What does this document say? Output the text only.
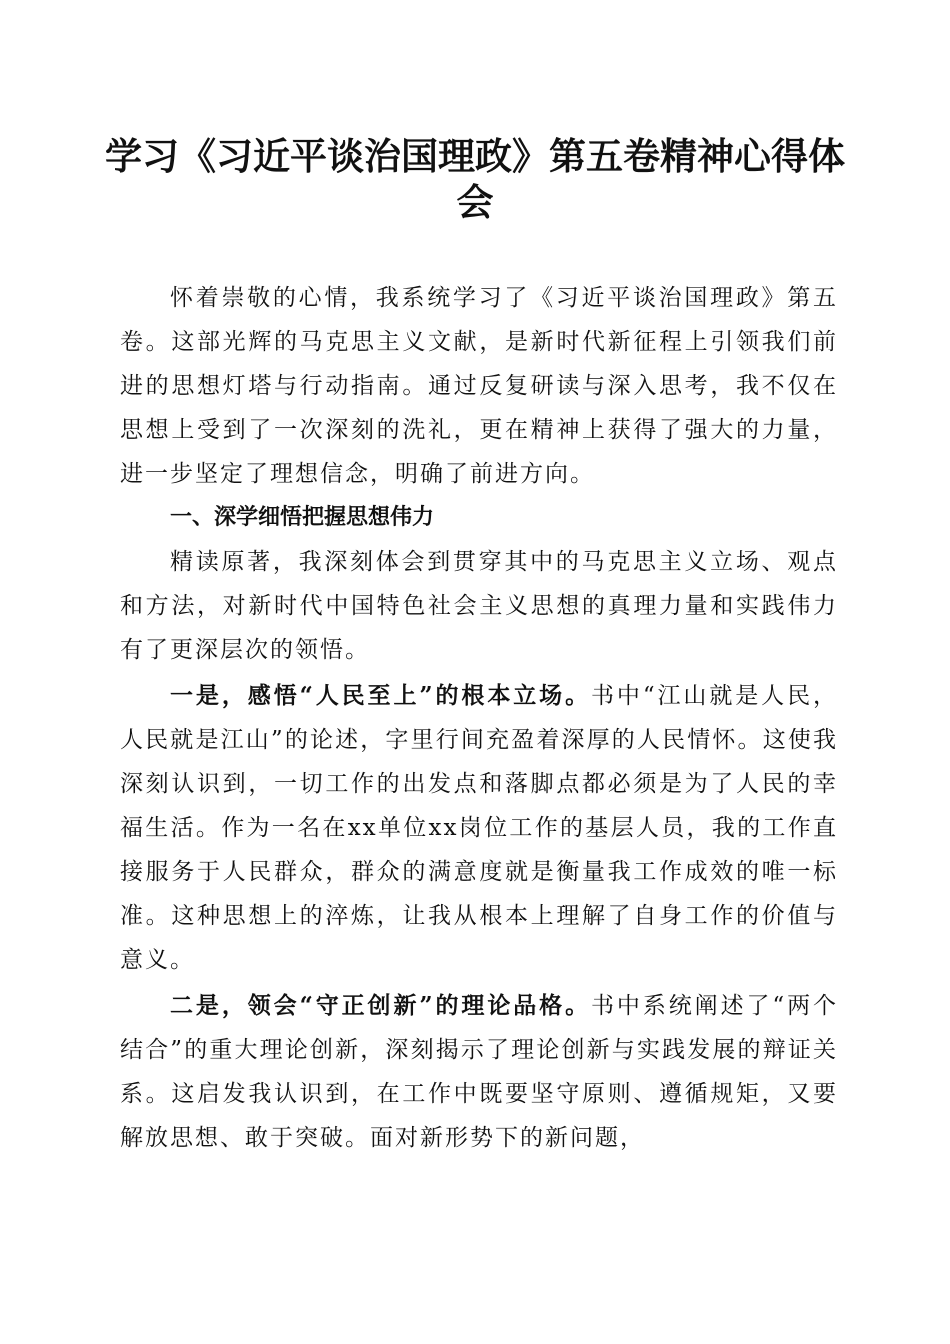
学习《习近平谈治国理政》第五卷精神心得体会

怀着崇敬的心情，我系统学习了《习近平谈治国理政》第五卷。这部光辉的马克思主义文献，是新时代新征程上引领我们前进的思想灯塔与行动指南。通过反复研读与深入思考，我不仅在思想上受到了一次深刻的洗礼，更在精神上获得了强大的力量，进一步坚定了理想信念，明确了前进方向。

一、深学细悟把握思想伟力

精读原著，我深刻体会到贯穿其中的马克思主义立场、观点和方法，对新时代中国特色社会主义思想的真理力量和实践伟力有了更深层次的领悟。

一是，感悟“人民至上”的根本立场。书中“江山就是人民，人民就是江山”的论述，字里行间充盈着深厚的人民情怀。这使我深刻认识到，一切工作的出发点和落脚点都必须是为了人民的幸福生活。作为一名在xx单位xx岗位工作的基层人员，我的工作直接服务于人民群众，群众的满意度就是衡量我工作成效的唯一标准。这种思想上的淬炼，让我从根本上理解了自身工作的价值与意义。

二是，领会“守正创新”的理论品格。书中系统阐述了“两个结合”的重大理论创新，深刻揭示了理论创新与实践发展的辩证关系。这启发我认识到，在工作中既要坚守原则、遵循规矩，又要解放思想、敢于突破。面对新形势下的新问题，
